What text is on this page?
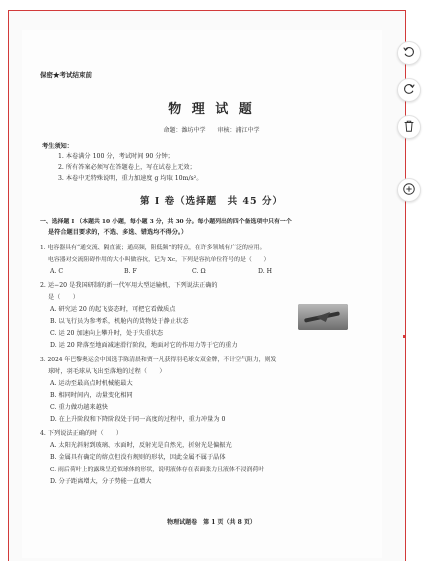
保密★考试结束前
物 理 试 题
命题：潍坊中学　　审核：浦江中学
考生须知：
1. 本卷满分 100 分，考试时间 90 分钟；
2. 所有答案必须写在答题卷上，写在试卷上无效；
3. 本卷中无特殊说明，重力加速度 g 均取 10m/s²。
第 I 卷（选择题　共 45 分）
一、选择题 I （本题共 10 小题，每小题 3 分，共 30 分。每小题列出的四个备选项中只有一个
是符合题目要求的，不选、多选、错选均不得分。）
1. 电容器具有“通交流、隔直流；通高频，阻低频”的特点，在许多领域有广泛的应用。
电容器对交流阻碍作用的大小叫做容抗，记为 Xc，下列是容抗单位符号的是（　　）
A. C	B. F	C. Ω	D. H
2. 运−20 是我国研制的新一代军用大型运输机，下列说法正确的
是（　　）
A. 研究运 20 的起飞姿态时，可把它看做质点
B. 以飞行员为参考系，机舱内的货物处于静止状态
C. 运 20 加速向上攀升时，处于失重状态
D. 运 20 降落至地面减速滑行阶段，地面对它的作用力等于它的重力
3. 2024 年巴黎奥运会中国选手陈清晨和贾一凡获得羽毛球女双金牌，不计空气阻力，则发
球时，羽毛球从飞出至落地的过程（　　）
A. 运动至最高点时机械能最大
B. 相同时间内，动量变化相同
C. 重力做功越来越快
D. 在上升阶段和下降阶段处于同一高度的过程中，重力冲量为 0
4. 下列说法正确的时（　　）
A. 太阳光斜射到玻璃、水面时，反射光是自然光，折射光是偏振光
B. 金属具有确定的熔点但没有规则的形状，因此金属不属于晶体
C. 雨后荷叶上的露珠呈近似球体的形状，说明液体存在表面张力且液体不浸润荷叶
D. 分子距离增大，分子势能一直增大
物理试题卷　第 1 页（共 8 页）
